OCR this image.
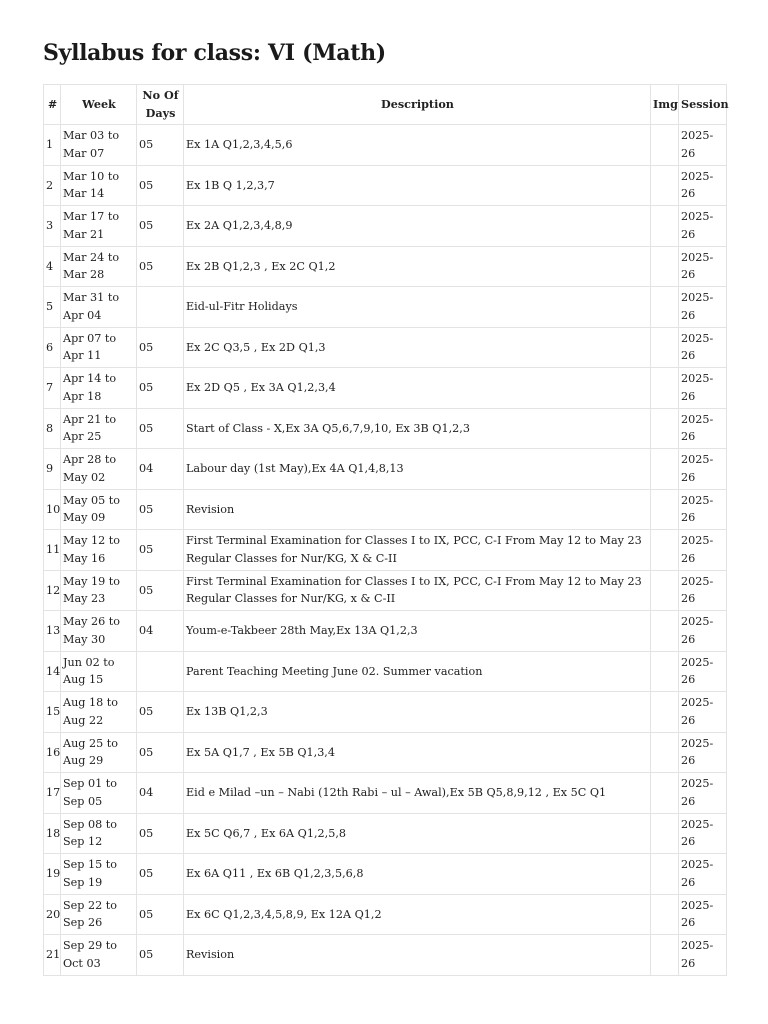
Syllabus for class: VI (Math)
#	Week	No Of Days	Description	Img	Session
1	Mar 03 to Mar 07	05	Ex 1A Q1,2,3,4,5,6		2025-26
2	Mar 10 to Mar 14	05	Ex 1B Q 1,2,3,7		2025-26
3	Mar 17 to Mar 21	05	Ex 2A Q1,2,3,4,8,9		2025-26
4	Mar 24 to Mar 28	05	Ex 2B Q1,2,3 , Ex 2C Q1,2		2025-26
5	Mar 31 to Apr 04		Eid-ul-Fitr Holidays		2025-26
6	Apr 07 to Apr 11	05	Ex 2C Q3,5 , Ex 2D Q1,3		2025-26
7	Apr 14 to Apr 18	05	Ex 2D Q5 , Ex 3A Q1,2,3,4		2025-26
8	Apr 21 to Apr 25	05	Start of Class - X,Ex 3A Q5,6,7,9,10, Ex 3B Q1,2,3		2025-26
9	Apr 28 to May 02	04	Labour day (1st May),Ex 4A Q1,4,8,13		2025-26
10	May 05 to May 09	05	Revision		2025-26
11	May 12 to May 16	05	First Terminal Examination for Classes I to IX, PCC, C-I From May 12 to May 23 Regular Classes for Nur/KG, X & C-II		2025-26
12	May 19 to May 23	05	First Terminal Examination for Classes I to IX, PCC, C-I From May 12 to May 23 Regular Classes for Nur/KG, x & C-II		2025-26
13	May 26 to May 30	04	Youm-e-Takbeer 28th May,Ex 13A Q1,2,3		2025-26
14	Jun 02 to Aug 15		Parent Teaching Meeting June 02. Summer vacation		2025-26
15	Aug 18 to Aug 22	05	Ex 13B Q1,2,3		2025-26
16	Aug 25 to Aug 29	05	Ex 5A Q1,7 , Ex 5B Q1,3,4		2025-26
17	Sep 01 to Sep 05	04	Eid e Milad –un – Nabi (12th Rabi – ul – Awal),Ex 5B Q5,8,9,12 , Ex 5C Q1		2025-26
18	Sep 08 to Sep 12	05	Ex 5C Q6,7 , Ex 6A Q1,2,5,8		2025-26
19	Sep 15 to Sep 19	05	Ex 6A Q11 , Ex 6B Q1,2,3,5,6,8		2025-26
20	Sep 22 to Sep 26	05	Ex 6C Q1,2,3,4,5,8,9, Ex 12A Q1,2		2025-26
21	Sep 29 to Oct 03	05	Revision		2025-26
